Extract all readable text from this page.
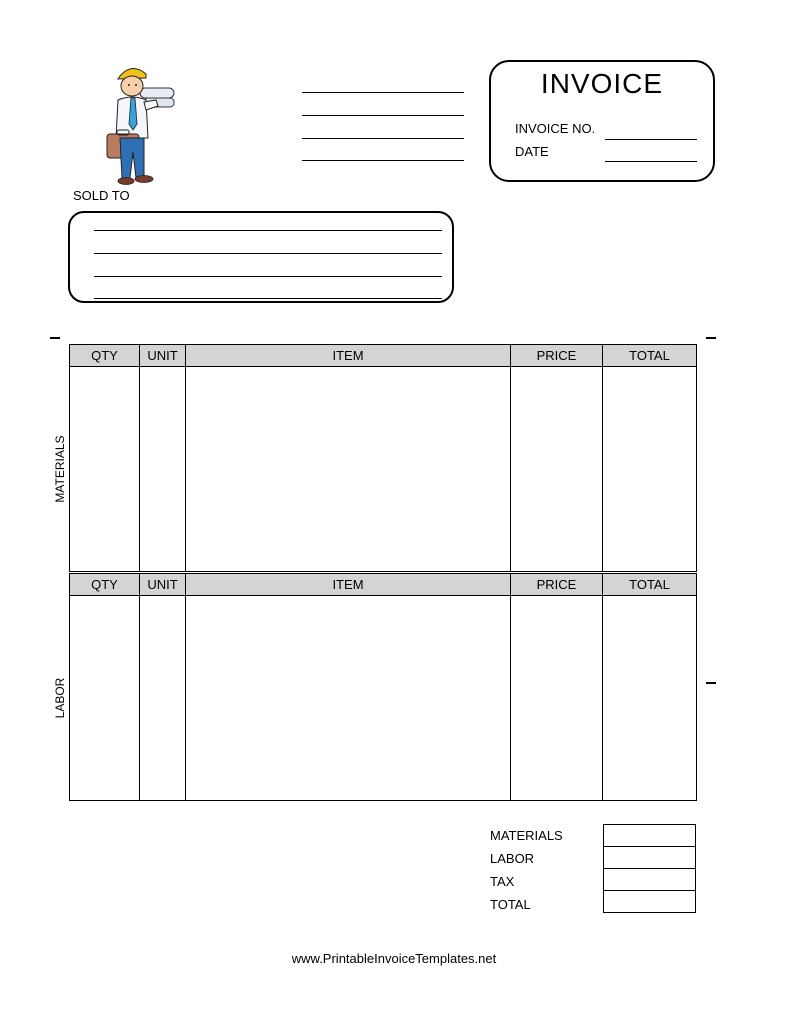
INVOICE
INVOICE NO.
DATE
SOLD TO
MATERIALS
LABOR
QTY	UNIT	ITEM	PRICE	TOTAL

QTY	UNIT	ITEM	PRICE	TOTAL

MATERIALS
LABOR
TAX
TOTAL

www.PrintableInvoiceTemplates.net
